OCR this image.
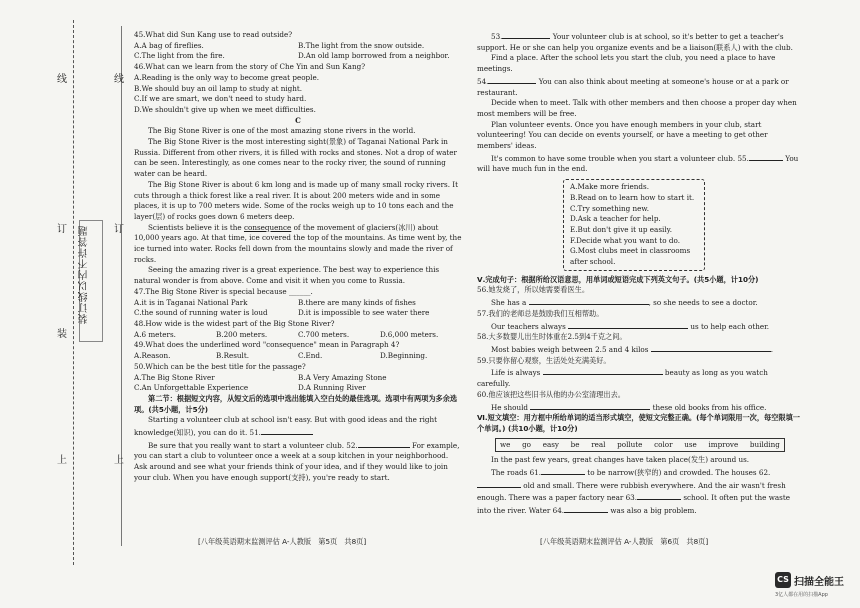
线
订
装
上
线
订
上
装订线以内不许答题

45.What did Sun Kang use to read outside?

A.A bag of fireflies.	B.The light from the snow outside.
C.The light from the fire.	D.An old lamp borrowed from a neighbor.

46.What can we learn from the story of Che Yin and Sun Kang?

A.Reading is the only way to become great people.

B.We should buy an oil lamp to study at night.

C.If we are smart, we don't need to study hard.

D.We shouldn't give up when we meet difficulties.

C

The Big Stone River is one of the most amazing stone rivers in the world.

The Big Stone River is the most interesting sight(景象) of Taganai National Park in Russia. Different from other rivers, it is filled with rocks and stones. Not a drop of water can be seen. Interestingly, as one comes near to the rocky river, the sound of running water can be heard.

The Big Stone River is about 6 km long and is made up of many small rocky rivers. It cuts through a thick forest like a real river. It is about 200 meters wide and in some places, it is up to 700 meters wide. Some of the rocks weigh up to 10 tons each and the layer(层) of rocks goes down 6 meters deep.

Scientists believe it is the consequence of the movement of glaciers(冰川) about 10,000 years ago. At that time, ice covered the top of the mountains. As time went by, the ice turned into water. Rocks fell down from the mountains slowly and made the river of rocks.

Seeing the amazing river is a great experience. The best way to experience this natural wonder is from above. Come and visit it when you come to Russia.

47.The Big Stone River is special because ______.

A.it is in Taganai National Park	B.there are many kinds of fishes
C.the sound of running water is loud	D.it is impossible to see water there

48.How wide is the widest part of the Big Stone River?

A.6 meters.	B.200 meters.	C.700 meters.	D.6,000 meters.

49.What does the underlined word "consequence" mean in Paragraph 4?

A.Reason.	B.Result.	C.End.	D.Beginning.

50.Which can be the best title for the passage?

A.The Big Stone River	B.A Very Amazing Stone
C.An Unforgettable Experience	D.A Running River

第二节：根据短文内容，从短文后的选项中选出能填入空白处的最佳选项。选项中有两项为多余选项。(共5小题，计5分)

Starting a volunteer club at school isn't easy. But with good ideas and the right knowledge(知识), you can do it. 51.

Be sure that you really want to start a volunteer club. 52.	For example, you can start a club to volunteer once a week at a soup kitchen in your neighborhood. Ask around and see what your friends think of your idea, and if they would like to join your club. When you have enough support(支持), you're ready to start.

[八年级英语期末监测评估 A-人教版　第5页　共8页]

53.	Your volunteer club is at school, so it's better to get a teacher's support. He or she can help you organize events and be a liaison(联系人) with the club.

Find a place. After the school lets you start the club, you need a place to have meetings.

54.	You can also think about meeting at someone's house or at a park or restaurant.

Decide when to meet. Talk with other members and then choose a proper day when most members will be free.

Plan volunteer events. Once you have enough members in your club, start volunteering! You can decide on events yourself, or have a meeting to get other members' ideas.

It's common to have some trouble when you start a volunteer club. 55.	You will have much fun in the end.

A.Make more friends.

B.Read on to learn how to start it.

C.Try something new.

D.Ask a teacher for help.

E.But don't give it up easily.

F.Decide what you want to do.

G.Most clubs meet in classrooms after school.

Ⅴ.完成句子：根据所给汉语意思，用单词或短语完成下列英文句子。(共5小题，计10分)

56.她发烧了，所以她需要看医生。

She has a	, so she needs to see a doctor.

57.我们的老师总是鼓励我们互相帮助。

Our teachers always	us to help each other.

58.大多数婴儿出生时体重在2.5到4千克之间。

Most babies weigh between 2.5 and 4 kilos	.

59.只要你留心观察，生活处处充满美好。

Life is always	beauty as long as you watch carefully.

60.他应该把这些旧书从他的办公室清理出去。

He should	these old books from his office.

Ⅵ.短文填空：用方框中所给单词的适当形式填空，使短文完整正确。(每个单词限用一次，每空限填一个单词。) (共10小题，计10分)

we go easy be real pollute color use improve building

In the past few years, great changes have taken place(发生) around us.

The roads 61.	to be narrow(狭窄的) and crowded. The houses 62. old and small. There were rubbish everywhere. And the air wasn't fresh enough. There was a paper factory near 63.	school. It often put the waste into the river. Water 64.	was also a big problem.

[八年级英语期末监测评估 A-人教版　第6页　共8页]
CS 扫描全能王
3亿人都在用的扫描App
